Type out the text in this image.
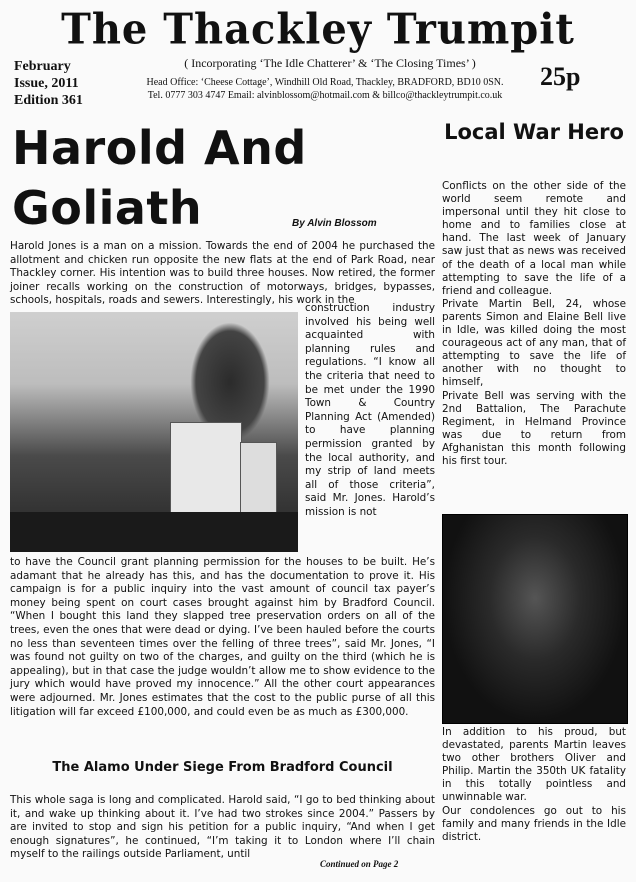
The Thackley Trumpit
February
Issue, 2011
Edition 361
( Incorporating ‘The Idle Chatterer’ & ‘The Closing Times’ )
Head Office: ‘Cheese Cottage’, Windhill Old Road, Thackley, BRADFORD, BD10 0SN.
Tel. 0777 303 4747 Email: alvinblossom@hotmail.com & billco@thackleytrumpit.co.uk
25p
Harold And Goliath	By Alvin Blossom
Harold Jones is a man on a mission. Towards the end of 2004 he purchased the allotment and chicken run opposite the new flats at the end of Park Road, near Thackley corner. His intention was to build three houses. Now retired, the former joiner recalls working on the construction of motorways, bridges, bypasses, schools, hospitals, roads and sewers. Interestingly, his work in the
construction industry involved his being well acquainted with planning rules and regulations. “I know all the criteria that need to be met under the 1990 Town & Country Planning Act (Amended) to have planning permission granted by the local authority, and my strip of land meets all of those criteria”, said Mr. Jones. Harold’s mission is not
to have the Council grant planning permission for the houses to be built. He’s adamant that he already has this, and has the documentation to prove it. His campaign is for a public inquiry into the vast amount of council tax payer’s money being spent on court cases brought against him by Bradford Council. “When I bought this land they slapped tree preservation orders on all of the trees, even the ones that were dead or dying. I’ve been hauled before the courts no less than seventeen times over the felling of three trees”, said Mr. Jones, “I was found not guilty on two of the charges, and guilty on the third (which he is appealing), but in that case the judge wouldn’t allow me to show evidence to the jury which would have proved my innocence.” All the other court appearances were adjourned. Mr. Jones estimates that the cost to the public purse of all this litigation will far exceed £100,000, and could even be as much as £300,000.
The Alamo Under Siege From Bradford Council
This whole saga is long and complicated. Harold said, “I go to bed thinking about it, and wake up thinking about it. I’ve had two strokes since 2004.” Passers by are invited to stop and sign his petition for a public inquiry, “And when I get enough signatures”, he continued, “I’m taking it to London where I’ll chain myself to the railings outside Parliament, until
Continued on Page 2
Local War Hero

Conflicts on the other side of the world seem remote and impersonal until they hit close to home and to families close at hand. The last week of January saw just that as news was received of the death of a local man while attempting to save the life of a friend and colleague.

Private Martin Bell, 24, whose parents Simon and Elaine Bell live in Idle, was killed doing the most courageous act of any man, that of attempting to save the life of another with no thought to himself,

Private Bell was serving with the 2nd Battalion, The Parachute Regiment, in Helmand Province was due to return from Afghanistan this month following his first tour.

In addition to his proud, but devastated, parents Martin leaves two other brothers Oliver and Philip. Martin the 350th UK fatality in this totally pointless and unwinnable war.

Our condolences go out to his family and many friends in the Idle district.
